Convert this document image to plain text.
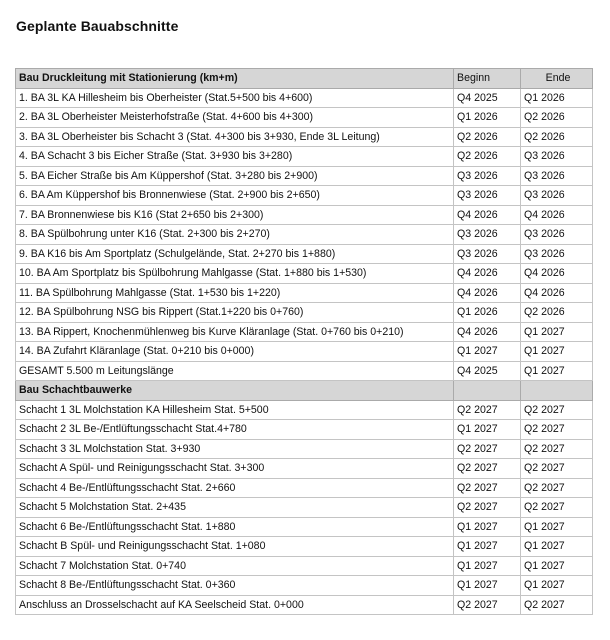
Geplante Bauabschnitte
Bau Druckleitung mit Stationierung (km+m)	Beginn	Ende
1. BA 3L KA Hillesheim bis Oberheister (Stat.5+500 bis 4+600)	Q4 2025	Q1 2026
2. BA 3L Oberheister Meisterhofstraße (Stat. 4+600 bis 4+300)	Q1 2026	Q2 2026
3. BA 3L Oberheister bis Schacht 3 (Stat. 4+300 bis 3+930, Ende 3L Leitung)	Q2 2026	Q2 2026
4. BA Schacht 3 bis Eicher Straße (Stat. 3+930 bis 3+280)	Q2 2026	Q3 2026
5. BA Eicher Straße bis Am Küppershof (Stat. 3+280 bis 2+900)	Q3 2026	Q3 2026
6. BA Am Küppershof bis Bronnenwiese (Stat. 2+900 bis 2+650)	Q3 2026	Q3 2026
7. BA Bronnenwiese bis K16 (Stat 2+650 bis 2+300)	Q4 2026	Q4 2026
8. BA Spülbohrung unter K16 (Stat. 2+300 bis 2+270)	Q3 2026	Q3 2026
9. BA K16 bis Am Sportplatz (Schulgelände, Stat. 2+270 bis 1+880)	Q3 2026	Q3 2026
10. BA Am Sportplatz bis Spülbohrung Mahlgasse (Stat. 1+880 bis 1+530)	Q4 2026	Q4 2026
11. BA Spülbohrung Mahlgasse (Stat. 1+530 bis 1+220)	Q4 2026	Q4 2026
12. BA Spülbohrung NSG bis Rippert (Stat.1+220 bis 0+760)	Q1 2026	Q2 2026
13. BA Rippert, Knochenmühlenweg bis Kurve Kläranlage (Stat. 0+760 bis 0+210)	Q4 2026	Q1 2027
14. BA Zufahrt Kläranlage (Stat. 0+210 bis 0+000)	Q1 2027	Q1 2027
GESAMT 5.500 m Leitungslänge	Q4 2025	Q1 2027
Bau Schachtbauwerke		
Schacht 1 3L Molchstation KA Hillesheim Stat. 5+500	Q2 2027	Q2 2027
Schacht 2 3L Be-/Entlüftungsschacht Stat.4+780	Q1 2027	Q2 2027
Schacht 3 3L Molchstation Stat. 3+930	Q2 2027	Q2 2027
Schacht A Spül- und Reinigungsschacht Stat. 3+300	Q2 2027	Q2 2027
Schacht 4 Be-/Entlüftungsschacht Stat. 2+660	Q2 2027	Q2 2027
Schacht 5 Molchstation Stat. 2+435	Q2 2027	Q2 2027
Schacht 6 Be-/Entlüftungsschacht Stat. 1+880	Q1 2027	Q1 2027
Schacht B Spül- und Reinigungsschacht Stat. 1+080	Q1 2027	Q1 2027
Schacht 7 Molchstation Stat. 0+740	Q1 2027	Q1 2027
Schacht 8 Be-/Entlüftungsschacht Stat. 0+360	Q1 2027	Q1 2027
Anschluss an Drosselschacht auf KA Seelscheid Stat. 0+000	Q2 2027	Q2 2027
